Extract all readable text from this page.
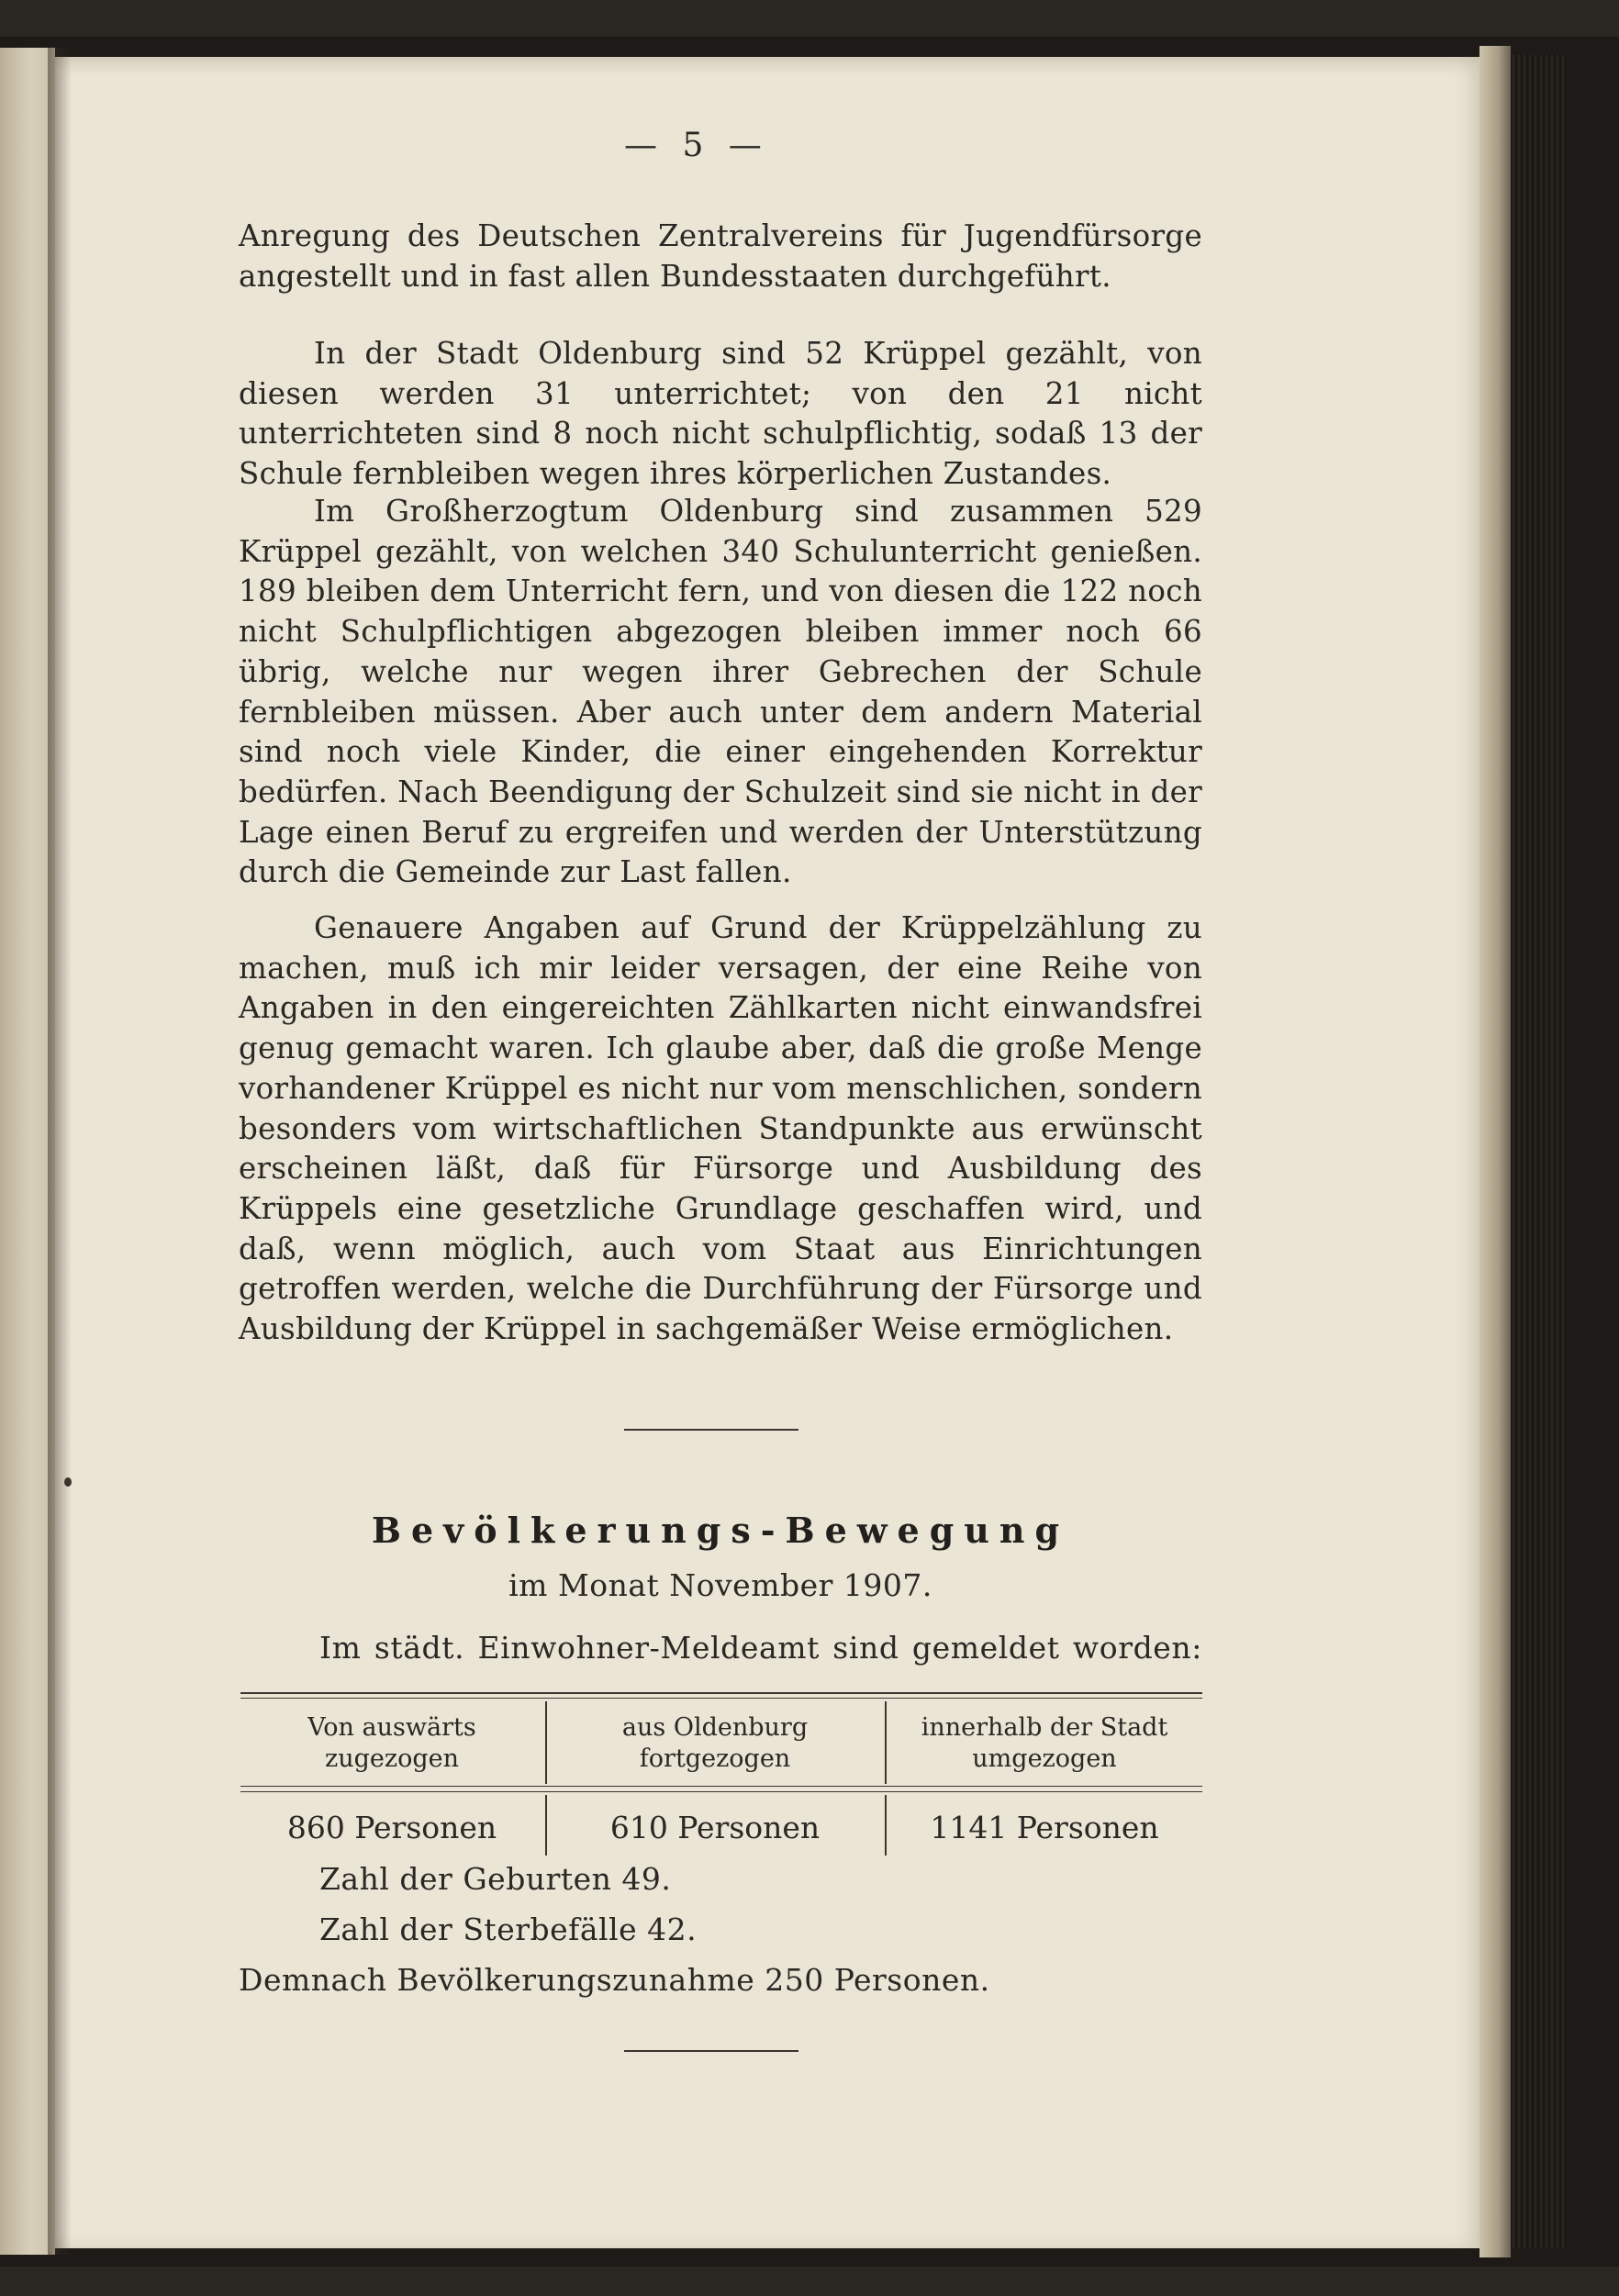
— 5 —

Anregung des Deutschen Zentralvereins für Jugendfürsorge angestellt und in fast allen Bundesstaaten durchgeführt.

In der Stadt Oldenburg sind 52 Krüppel gezählt, von diesen werden 31 unterrichtet; von den 21 nicht unterrichteten sind 8 noch nicht schulpflichtig, sodaß 13 der Schule fernbleiben wegen ihres körperlichen Zustandes.

Im Großherzogtum Oldenburg sind zusammen 529 Krüppel gezählt, von welchen 340 Schulunterricht genießen. 189 bleiben dem Unterricht fern, und von diesen die 122 noch nicht Schulpflichtigen abgezogen bleiben immer noch 66 übrig, welche nur wegen ihrer Gebrechen der Schule fernbleiben müssen. Aber auch unter dem andern Material sind noch viele Kinder, die einer eingehenden Korrektur bedürfen. Nach Beendigung der Schulzeit sind sie nicht in der Lage einen Beruf zu ergreifen und werden der Unterstützung durch die Gemeinde zur Last fallen.

Genauere Angaben auf Grund der Krüppelzählung zu machen, muß ich mir leider versagen, der eine Reihe von Angaben in den eingereichten Zählkarten nicht einwandsfrei genug gemacht waren. Ich glaube aber, daß die große Menge vorhandener Krüppel es nicht nur vom menschlichen, sondern besonders vom wirtschaftlichen Standpunkte aus erwünscht erscheinen läßt, daß für Fürsorge und Ausbildung des Krüppels eine gesetzliche Grundlage geschaffen wird, und daß, wenn möglich, auch vom Staat aus Einrichtungen getroffen werden, welche die Durchführung der Fürsorge und Ausbildung der Krüppel in sachgemäßer Weise ermöglichen.

Bevölkerungs-Bewegung
im Monat November 1907.
Im städt. Einwohner-Meldeamt sind gemeldet worden:
Von auswärts
zugezogen
aus Oldenburg
fortgezogen
innerhalb der Stadt
umgezogen
860 Personen	610 Personen	1141 Personen
Zahl der Geburten 49.
Zahl der Sterbefälle 42.
Demnach Bevölkerungszunahme 250 Personen.
